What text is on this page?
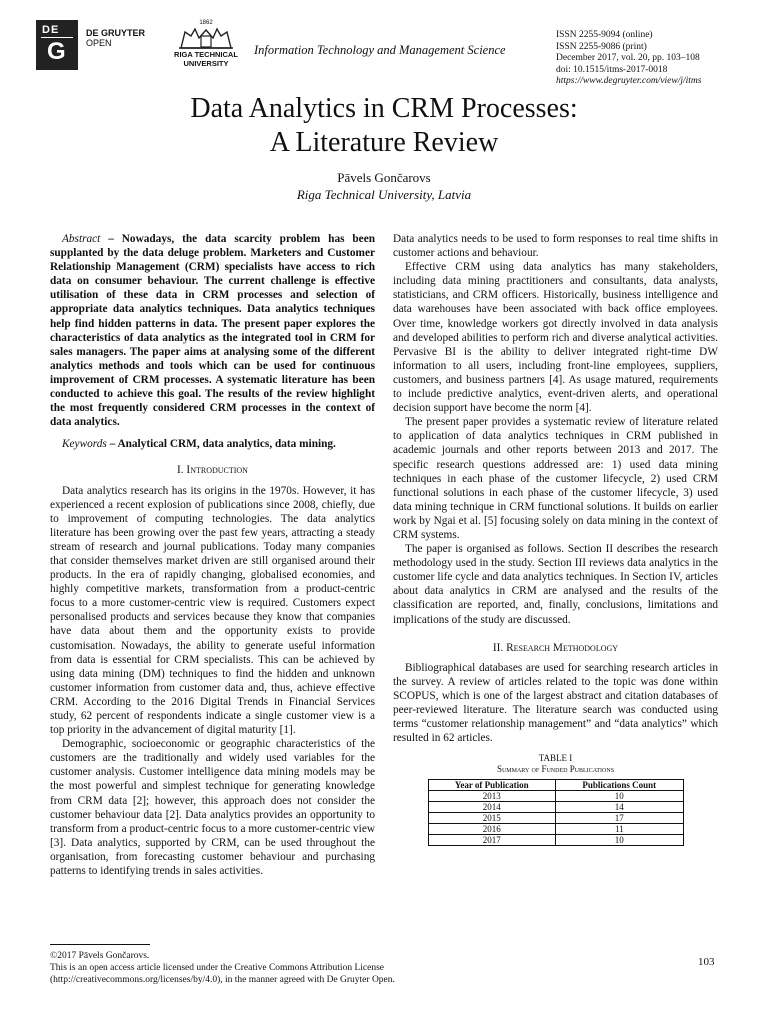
DE
G
DE GRUYTER
OPEN
1862
RIGA TECHNICAL
UNIVERSITY
Information Technology and Management Science
ISSN 2255-9094 (online)
ISSN 2255-9086 (print)
December 2017, vol. 20, pp. 103–108
doi: 10.1515/itms-2017-0018
https://www.degruyter.com/view/j/itms
Data Analytics in CRM Processes:
A Literature Review
Pāvels Gončarovs
Riga Technical University, Latvia

Abstract – Nowadays, the data scarcity problem has been supplanted by the data deluge problem. Marketers and Customer Relationship Management (CRM) specialists have access to rich data on consumer behaviour. The current challenge is effective utilisation of these data in CRM processes and selection of appropriate data analytics techniques. Data analytics techniques help find hidden patterns in data. The present paper explores the characteristics of data analytics as the integrated tool in CRM for sales managers. The paper aims at analysing some of the different analytics methods and tools which can be used for continuous improvement of CRM processes. A systematic literature has been conducted to achieve this goal. The results of the review highlight the most frequently considered CRM processes in the context of data analytics.

Keywords – Analytical CRM, data analytics, data mining.

I. Introduction

Data analytics research has its origins in the 1970s. However, it has experienced a recent explosion of publications since 2008, chiefly, due to improvement of computing technologies. The data analytics literature has been growing over the past few years, attracting a steady stream of research and journal publications. Today many companies that consider themselves market driven are still organised around their products. In the era of rapidly changing, globalised economies, and highly competitive markets, transformation from a product-centric focus to a more customer-centric view is required. Customers expect personalised products and services because they know that companies have data about them and the opportunity exists to provide customisation. Nowadays, the ability to generate useful information from data is essential for CRM specialists. This can be achieved by using data mining (DM) techniques to find the hidden and unknown customer information from customer data and, thus, achieve effective CRM. According to the 2016 Digital Trends in Financial Services study, 62 percent of respondents indicate a single customer view is a top priority in the advancement of digital maturity [1].

Demographic, socioeconomic or geographic characteristics of the customers are the traditionally and widely used variables for the customer analysis. Customer intelligence data mining models may be the most powerful and simplest technique for generating knowledge from CRM data [2]; however, this approach does not consider the customer behaviour data [2]. Data analytics provides an opportunity to transform from a product-centric focus to a more customer-centric view [3]. Data analytics, supported by CRM, can be used throughout the organisation, from forecasting customer behaviour and purchasing patterns to identifying trends in sales activities.

Data analytics needs to be used to form responses to real time shifts in customer actions and behaviour.

Effective CRM using data analytics has many stakeholders, including data mining practitioners and consultants, data analysts, statisticians, and CRM officers. Historically, business intelligence and data warehouses have been associated with back office employees. Over time, knowledge workers got directly involved in data analysis and developed abilities to perform rich and diverse analytical activities. Pervasive BI is the ability to deliver integrated right-time DW information to all users, including front-line employees, suppliers, customers, and business partners [4]. As usage matured, requirements to include predictive analytics, event-driven alerts, and operational decision support have become the norm [4].

The present paper provides a systematic review of literature related to application of data analytics techniques in CRM published in academic journals and other reports between 2013 and 2017. The specific research questions addressed are: 1) used data mining techniques in each phase of the customer lifecycle, 2) used CRM functional solutions in each phase of the customer lifecycle, 3) used data mining technique in CRM functional solutions. It builds on earlier work by Ngai et al. [5] focusing solely on data mining in the context of CRM systems.

The paper is organised as follows. Section II describes the research methodology used in the study. Section III reviews data analytics in the customer life cycle and data analytics techniques. In Section IV, articles about data analytics in CRM are analysed and the results of the classification are reported, and, finally, conclusions, limitations and implications of the study are discussed.

II. Research Methodology

Bibliographical databases are used for searching research articles in the survey. A review of articles related to the topic was done within SCOPUS, which is one of the largest abstract and citation databases of peer-reviewed literature. The literature search was conducted using terms “customer relationship management” and “data analytics” which resulted in 62 articles.

TABLE I
Summary of Funded Publications
Year of Publication	Publications Count
2013	10
2014	14
2015	17
2016	11
2017	10
©2017 Pāvels Gončarovs.
This is an open access article licensed under the Creative Commons Attribution License
(http://creativecommons.org/licenses/by/4.0), in the manner agreed with De Gruyter Open.
103
